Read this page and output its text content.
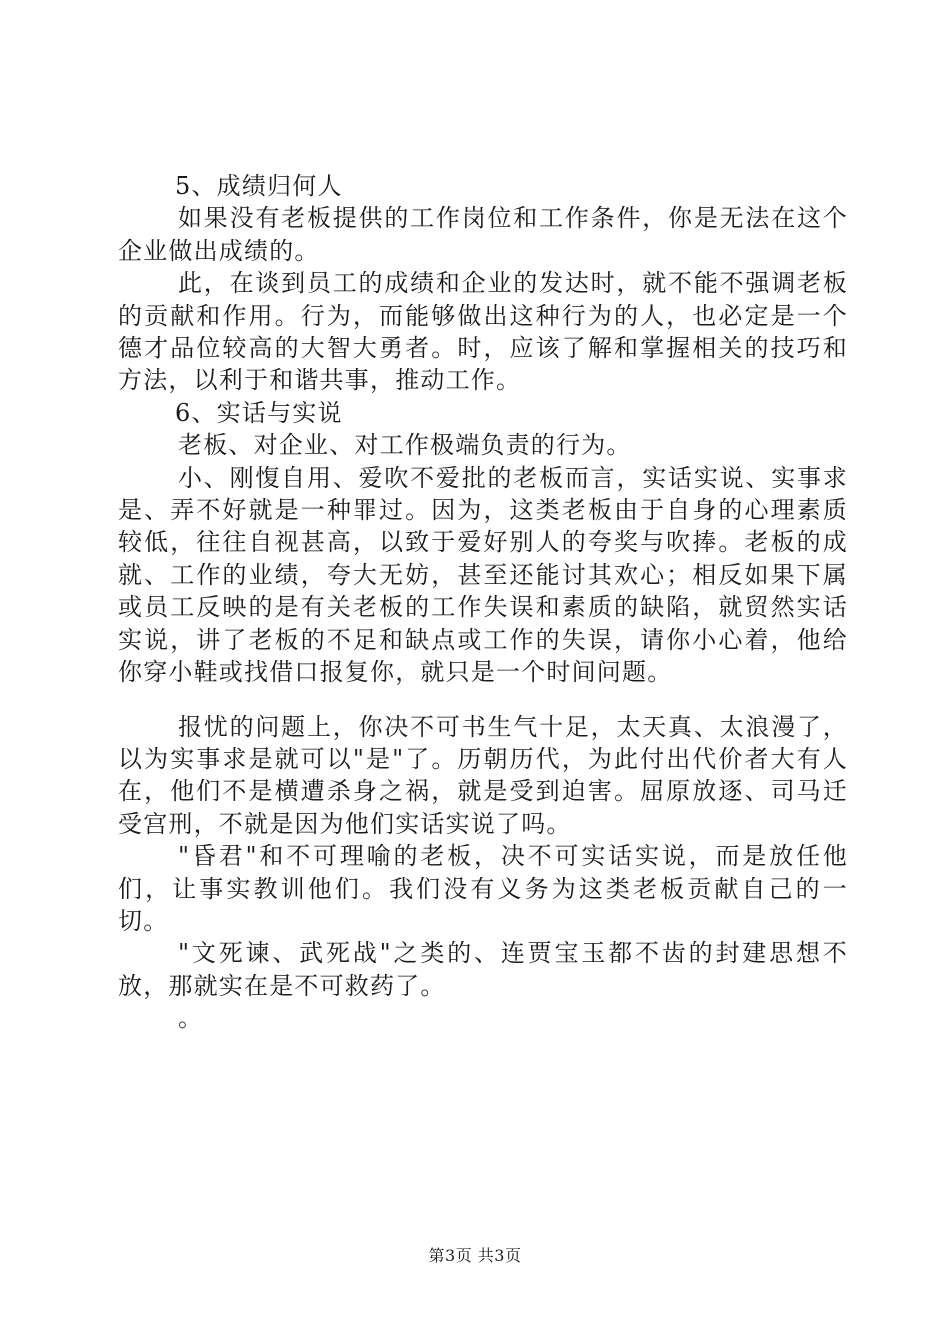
5、成绩归何人

如果没有老板提供的工作岗位和工作条件，你是无法在这个企业做出成绩的。

此，在谈到员工的成绩和企业的发达时，就不能不强调老板的贡献和作用。行为，而能够做出这种行为的人，也必定是一个德才品位较高的大智大勇者。时，应该了解和掌握相关的技巧和方法，以利于和谐共事，推动工作。

6、实话与实说

老板、对企业、对工作极端负责的行为。

小、刚愎自用、爱吹不爱批的老板而言，实话实说、实事求是、弄不好就是一种罪过。因为，这类老板由于自身的心理素质较低，往往自视甚高，以致于爱好别人的夸奖与吹捧。老板的成就、工作的业绩，夸大无妨，甚至还能讨其欢心；相反如果下属或员工反映的是有关老板的工作失误和素质的缺陷，就贸然实话实说，讲了老板的不足和缺点或工作的失误，请你小心着，他给你穿小鞋或找借口报复你，就只是一个时间问题。

报忧的问题上，你决不可书生气十足，太天真、太浪漫了，以为实事求是就可以"是"了。历朝历代，为此付出代价者大有人在，他们不是横遭杀身之祸，就是受到迫害。屈原放逐、司马迁受宫刑，不就是因为他们实话实说了吗。

"昏君"和不可理喻的老板，决不可实话实说，而是放任他们，让事实教训他们。我们没有义务为这类老板贡献自己的一切。

"文死谏、武死战"之类的、连贾宝玉都不齿的封建思想不放，那就实在是不可救药了。

。

第3页 共3页
